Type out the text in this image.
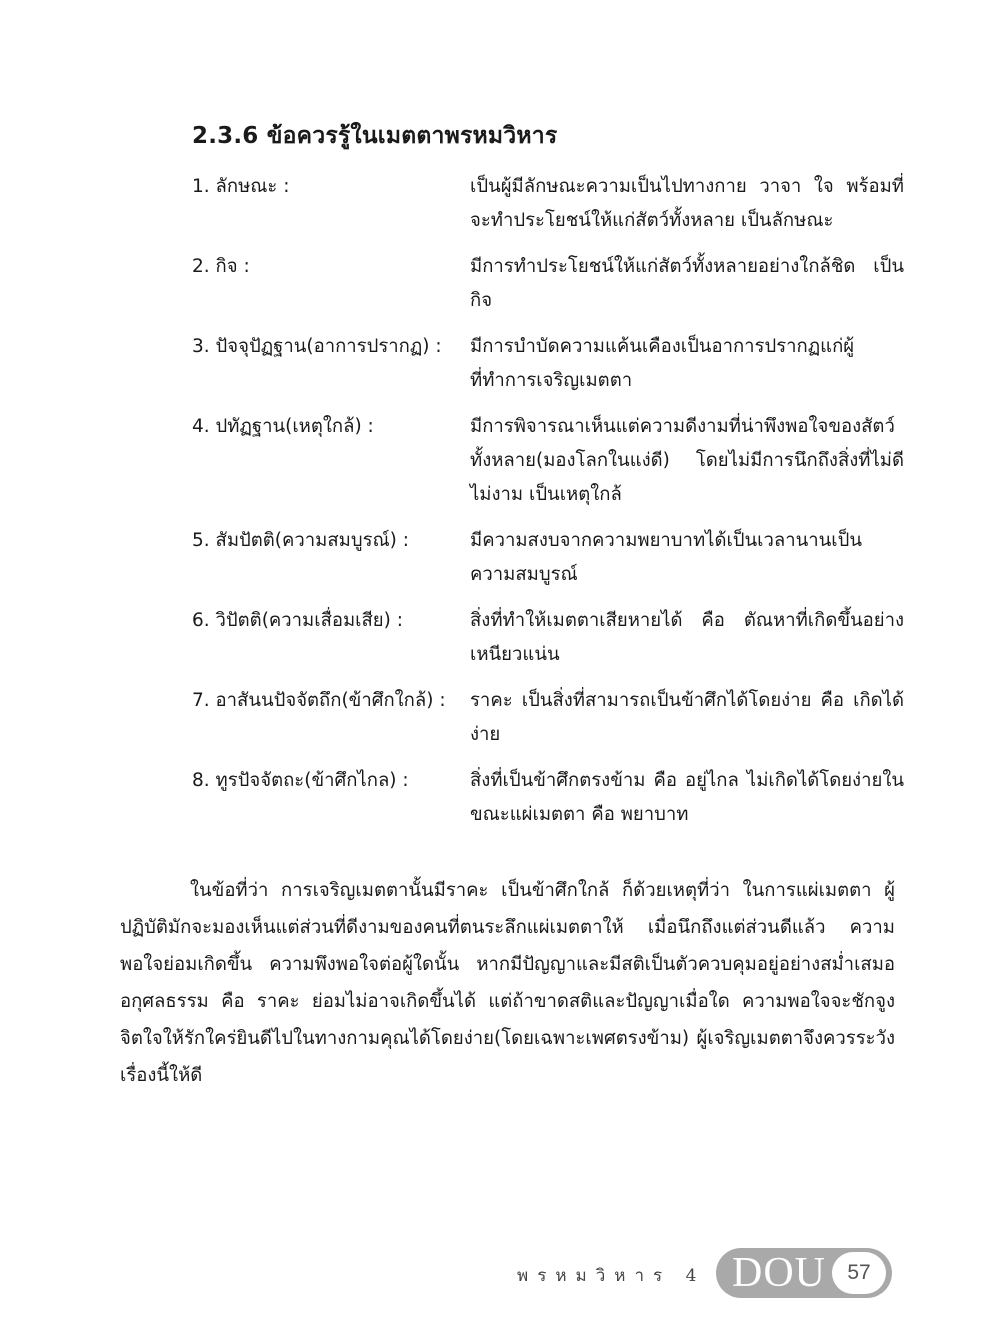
2.3.6 ข้อควรรู้ในเมตตาพรหมวิหาร
1. ลักษณะ :	เป็นผู้มีลักษณะความเป็นไปทางกาย วาจา ใจ พร้อมที่จะทำประโยชน์ให้แก่สัตว์ทั้งหลาย เป็นลักษณะ
2. กิจ :	มีการทำประโยชน์ให้แก่สัตว์ทั้งหลายอย่างใกล้ชิด เป็นกิจ
3. ปัจจุปัฏฐาน(อาการปรากฏ) :	มีการบำบัดความแค้นเคืองเป็นอาการปรากฏแก่ผู้ที่ทำการเจริญเมตตา
4. ปทัฏฐาน(เหตุใกล้) :	มีการพิจารณาเห็นแต่ความดีงามที่น่าพึงพอใจของสัตว์ทั้งหลาย(มองโลกในแง่ดี) โดยไม่มีการนึกถึงสิ่งที่ไม่ดีไม่งาม เป็นเหตุใกล้
5. สัมปัตติ(ความสมบูรณ์) :	มีความสงบจากความพยาบาทได้เป็นเวลานานเป็นความสมบูรณ์
6. วิปัตติ(ความเสื่อมเสีย) :	สิ่งที่ทำให้เมตตาเสียหายได้ คือ ตัณหาที่เกิดขึ้นอย่างเหนียวแน่น
7. อาสันนปัจจัตถึก(ข้าศึกใกล้) :	ราคะ เป็นสิ่งที่สามารถเป็นข้าศึกได้โดยง่าย คือ เกิดได้ง่าย
8. ทูรปัจจัตถะ(ข้าศึกไกล) :	สิ่งที่เป็นข้าศึกตรงข้าม คือ อยู่ไกล ไม่เกิดได้โดยง่ายในขณะแผ่เมตตา คือ พยาบาท

ในข้อที่ว่า การเจริญเมตตานั้นมีราคะ เป็นข้าศึกใกล้ ก็ด้วยเหตุที่ว่า ในการแผ่เมตตา ผู้ปฏิบัติมักจะมองเห็นแต่ส่วนที่ดีงามของคนที่ตนระลึกแผ่เมตตาให้ เมื่อนึกถึงแต่ส่วนดีแล้ว ความพอใจย่อมเกิดขึ้น ความพึงพอใจต่อผู้ใดนั้น หากมีปัญญาและมีสติเป็นตัวควบคุมอยู่อย่างสม่ำเสมอ อกุศลธรรม คือ ราคะ ย่อมไม่อาจเกิดขึ้นได้ แต่ถ้าขาดสติและปัญญาเมื่อใด ความพอใจจะชักจูงจิตใจให้รักใคร่ยินดีไปในทางกามคุณได้โดยง่าย(โดยเฉพาะเพศตรงข้าม) ผู้เจริญเมตตาจึงควรระวังเรื่องนี้ให้ดี

พรหมวิหาร 4 DOU	57
